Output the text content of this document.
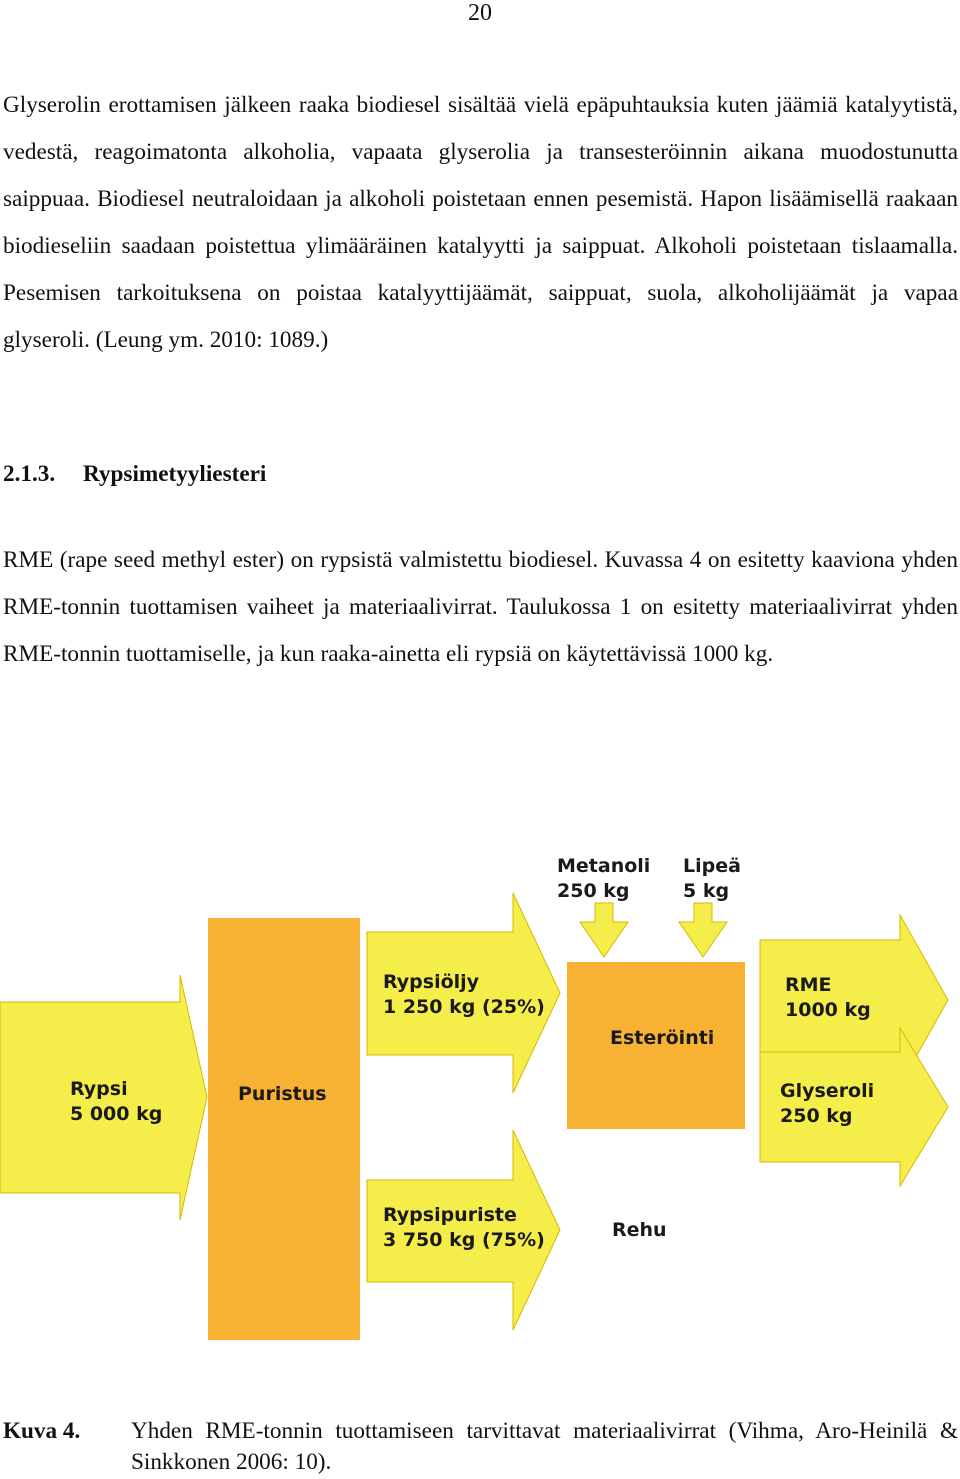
20

Glyserolin erottamisen jälkeen raaka biodiesel sisältää vielä epäpuhtauksia kuten jäämiä katalyytistä, vedestä, reagoimatonta alkoholia, vapaata glyserolia ja transesteröinnin aikana muodostunutta saippuaa. Biodiesel neutraloidaan ja alkoholi poistetaan ennen pesemistä. Hapon lisäämisellä raakaan biodieseliin saadaan poistettua ylimääräinen katalyytti ja saippuat. Alkoholi poistetaan tislaamalla. Pesemisen tarkoituksena on poistaa katalyyttijäämät, saippuat, suola, alkoholijäämät ja vapaa glyseroli. (Leung ym. 2010: 1089.)

2.1.3. Rypsimetyyliesteri

RME (rape seed methyl ester) on rypsistä valmistettu biodiesel. Kuvassa 4 on esitetty kaaviona yhden RME-tonnin tuottamisen vaiheet ja materiaalivirrat. Taulukossa 1 on esitetty materiaalivirrat yhden RME-tonnin tuottamiselle, ja kun raaka-ainetta eli rypsiä on käytettävissä 1000 kg.

Metanoli
250 kg
Lipeä
5 kg
Rypsi
5 000 kg
Puristus
Rypsiöljy
1 250 kg (25%)
Esteröinti
RME
1000 kg
Glyseroli
250 kg
Rypsipuriste
3 750 kg (75%)	Rehu
Kuva 4. Yhden RME-tonnin tuottamiseen tarvittavat materiaalivirrat (Vihma, Aro-Heinilä & Sinkkonen 2006: 10).
